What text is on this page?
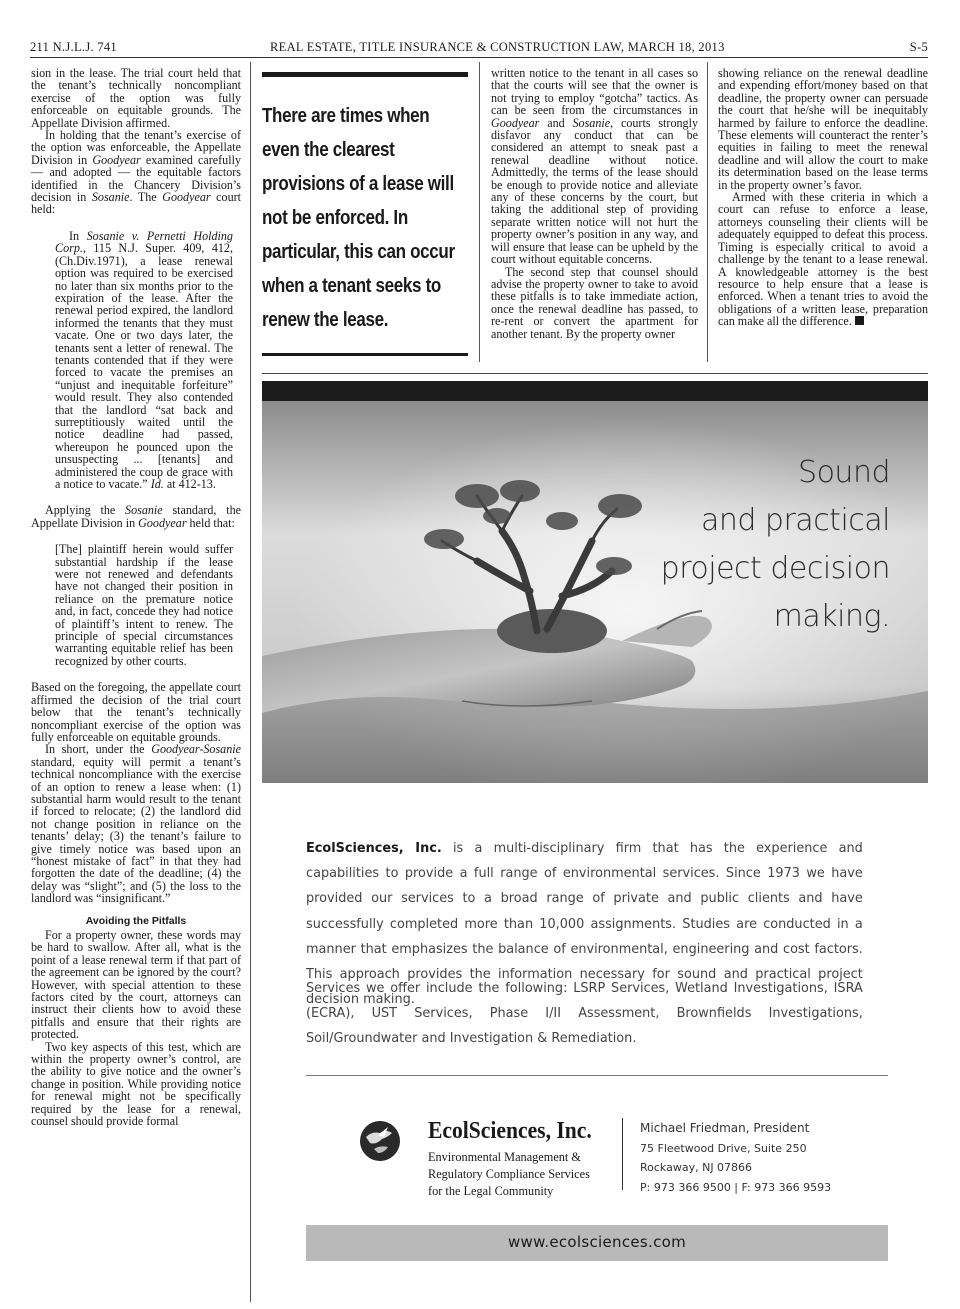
211 N.J.L.J. 741	REAL ESTATE, TITLE INSURANCE & CONSTRUCTION LAW, MARCH 18, 2013	S-5

sion in the lease. The trial court held that the tenant’s technically noncompliant exercise of the option was fully enforceable on equitable grounds. The Appellate Division affirmed.

In holding that the tenant’s exercise of the option was enforceable, the Appellate Division in Goodyear examined carefully — and adopted — the equitable factors identified in the Chancery Division’s decision in Sosanie. The Goodyear court held:

In Sosanie v. Pernetti Holding Corp., 115 N.J. Super. 409, 412, (Ch.Div.1971), a lease renewal option was required to be exercised no later than six months prior to the expiration of the lease. After the renewal period expired, the landlord informed the tenants that they must vacate. One or two days later, the tenants sent a letter of renewal. The tenants contended that if they were forced to vacate the premises an “unjust and inequitable forfeiture” would result. They also contended that the landlord “sat back and surreptitiously waited until the notice deadline had passed, whereupon he pounced upon the unsuspecting ... [tenants] and administered the coup de grace with a notice to vacate.” Id. at 412-13.

Applying the Sosanie standard, the Appellate Division in Goodyear held that:

[The] plaintiff herein would suffer substantial hardship if the lease were not renewed and defendants have not changed their position in reliance on the premature notice and, in fact, concede they had notice of plaintiff’s intent to renew. The principle of special circumstances warranting equitable relief has been recognized by other courts.

Based on the foregoing, the appellate court affirmed the decision of the trial court below that the tenant’s technically noncompliant exercise of the option was fully enforceable on equitable grounds.

In short, under the Goodyear-Sosanie standard, equity will permit a tenant’s technical noncompliance with the exercise of an option to renew a lease when: (1) substantial harm would result to the tenant if forced to relocate; (2) the landlord did not change position in reliance on the tenants’ delay; (3) the tenant’s failure to give timely notice was based upon an “honest mistake of fact” in that they had forgotten the date of the deadline; (4) the delay was “slight”; and (5) the loss to the landlord was “insignificant.”

Avoiding the Pitfalls

For a property owner, these words may be hard to swallow. After all, what is the point of a lease renewal term if that part of the agreement can be ignored by the court? However, with special attention to these factors cited by the court, attorneys can instruct their clients how to avoid these pitfalls and ensure that their rights are protected.

Two key aspects of this test, which are within the property owner’s control, are the ability to give notice and the owner’s change in position. While providing notice for renewal might not be specifically required by the lease for a renewal, counsel should provide formal

There are times when even the clearest provisions of a lease will not be enforced. In particular, this can occur when a tenant seeks to renew the lease.

written notice to the tenant in all cases so that the courts will see that the owner is not trying to employ “gotcha” tactics. As can be seen from the circumstances in Goodyear and Sosanie, courts strongly disfavor any conduct that can be considered an attempt to sneak past a renewal deadline without notice. Admittedly, the terms of the lease should be enough to provide notice and alleviate any of these concerns by the court, but taking the additional step of providing separate written notice will not hurt the property owner’s position in any way, and will ensure that lease can be upheld by the court without equitable concerns.

The second step that counsel should advise the property owner to take to avoid these pitfalls is to take immediate action, once the renewal deadline has passed, to re-rent or convert the apartment for another tenant. By the property owner

showing reliance on the renewal deadline and expending effort/money based on that deadline, the property owner can persuade the court that he/she will be inequitably harmed by failure to enforce the deadline. These elements will counteract the renter’s equities in failing to meet the renewal deadline and will allow the court to make its determination based on the lease terms in the property owner’s favor.

Armed with these criteria in which a court can refuse to enforce a lease, attorneys counseling their clients will be adequately equipped to defeat this process. Timing is especially critical to avoid a challenge by the tenant to a lease renewal. A knowledgeable attorney is the best resource to help ensure that a lease is enforced. When a tenant tries to avoid the obligations of a written lease, preparation can make all the difference.

Sound
and practical
project decision
making.
EcolSciences, Inc. is a multi-disciplinary firm that has the experience and capabilities to provide a full range of environmental services. Since 1973 we have provided our services to a broad range of private and public clients and have successfully completed more than 10,000 assignments. Studies are conducted in a manner that emphasizes the balance of environmental, engineering and cost factors. This approach provides the information necessary for sound and practical project decision making.
Services we offer include the following: LSRP Services, Wetland Investigations, ISRA (ECRA), UST Services, Phase I/II Assessment, Brownfields Investigations, Soil/Groundwater and Investigation & Remediation.
EcolSciences, Inc.
Environmental Management &
Regulatory Compliance Services
for the Legal Community
Michael Friedman, President
75 Fleetwood Drive, Suite 250
Rockaway, NJ 07866
P: 973 366 9500 | F: 973 366 9593
www.ecolsciences.com
